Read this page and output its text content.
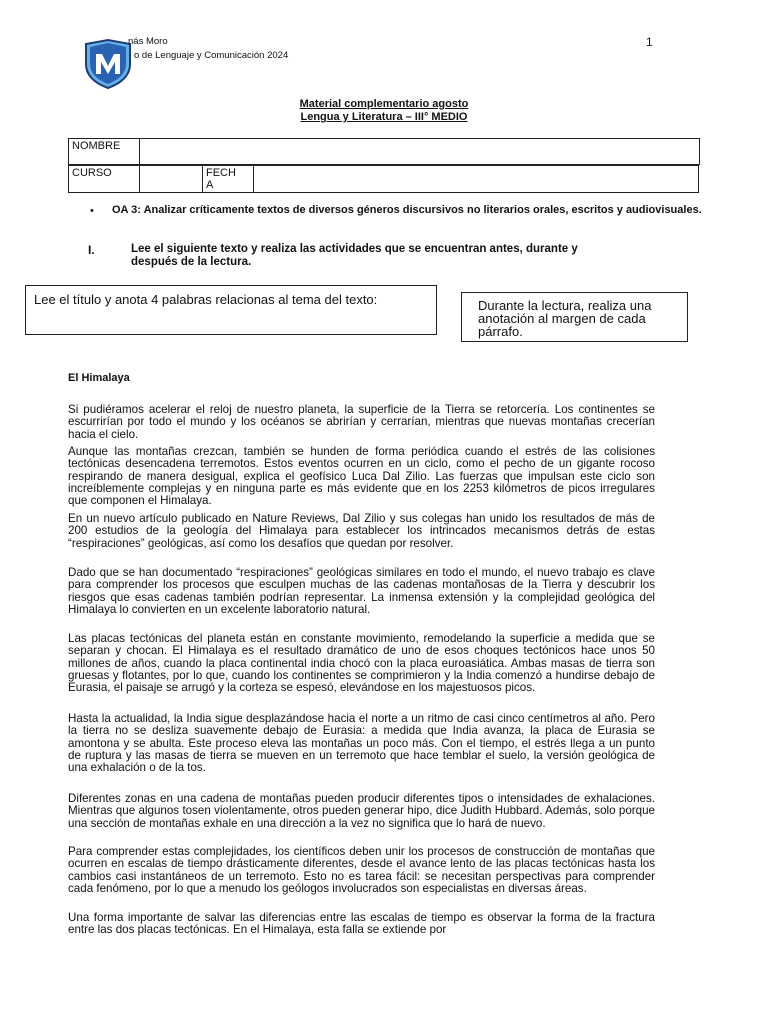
nás Moro
o de Lenguaje y Comunicación 2024
1
Material complementario agosto
Lengua y Literatura – III° MEDIO
NOMBRE	
CURSO		FECH
A	
• OA 3: Analizar críticamente textos de diversos géneros discursivos no literarios orales, escritos y audiovisuales.
I.	Lee el siguiente texto y realiza las actividades que se encuentran antes, durante y después de la lectura.
Lee el título y anota 4 palabras relacionas al tema del texto:	Durante la lectura, realiza una anotación al margen de cada párrafo.
El Himalaya
Si pudiéramos acelerar el reloj de nuestro planeta, la superficie de la Tierra se retorcería. Los continentes se escurrirían por todo el mundo y los océanos se abrirían y cerrarían, mientras que nuevas montañas crecerían hacia el cielo.
Aunque las montañas crezcan, también se hunden de forma periódica cuando el estrés de las colisiones tectónicas desencadena terremotos. Estos eventos ocurren en un ciclo, como el pecho de un gigante rocoso respirando de manera desigual, explica el geofísico Luca Dal Zilio. Las fuerzas que impulsan este ciclo son increíblemente complejas y en ninguna parte es más evidente que en los 2253 kilómetros de picos irregulares que componen el Himalaya.
En un nuevo artículo publicado en Nature Reviews, Dal Zilio y sus colegas han unido los resultados de más de 200 estudios de la geología del Himalaya para establecer los intrincados mecanismos detrás de estas “respiraciones” geológicas, así como los desafíos que quedan por resolver.
Dado que se han documentado “respiraciones” geológicas similares en todo el mundo, el nuevo trabajo es clave para comprender los procesos que esculpen muchas de las cadenas montañosas de la Tierra y descubrir los riesgos que esas cadenas también podrían representar. La inmensa extensión y la complejidad geológica del Himalaya lo convierten en un excelente laboratorio natural.
Las placas tectónicas del planeta están en constante movimiento, remodelando la superficie a medida que se separan y chocan. El Himalaya es el resultado dramático de uno de esos choques tectónicos hace unos 50 millones de años, cuando la placa continental india chocó con la placa euroasiática. Ambas masas de tierra son gruesas y flotantes, por lo que, cuando los continentes se comprimieron y la India comenzó a hundirse debajo de Eurasia, el paisaje se arrugó y la corteza se espesó, elevándose en los majestuosos picos.
Hasta la actualidad, la India sigue desplazándose hacia el norte a un ritmo de casi cinco centímetros al año. Pero la tierra no se desliza suavemente debajo de Eurasia: a medida que India avanza, la placa de Eurasia se amontona y se abulta. Este proceso eleva las montañas un poco más. Con el tiempo, el estrés llega a un punto de ruptura y las masas de tierra se mueven en un terremoto que hace temblar el suelo, la versión geológica de una exhalación o de la tos.
Diferentes zonas en una cadena de montañas pueden producir diferentes tipos o intensidades de exhalaciones. Mientras que algunos tosen violentamente, otros pueden generar hipo, dice Judith Hubbard. Además, solo porque una sección de montañas exhale en una dirección a la vez no significa que lo hará de nuevo.
Para comprender estas complejidades, los científicos deben unir los procesos de construcción de montañas que ocurren en escalas de tiempo drásticamente diferentes, desde el avance lento de las placas tectónicas hasta los cambios casi instantáneos de un terremoto. Esto no es tarea fácil: se necesitan perspectivas para comprender cada fenómeno, por lo que a menudo los geólogos involucrados son especialistas en diversas áreas.
Una forma importante de salvar las diferencias entre las escalas de tiempo es observar la forma de la fractura entre las dos placas tectónicas. En el Himalaya, esta falla se extiende por
